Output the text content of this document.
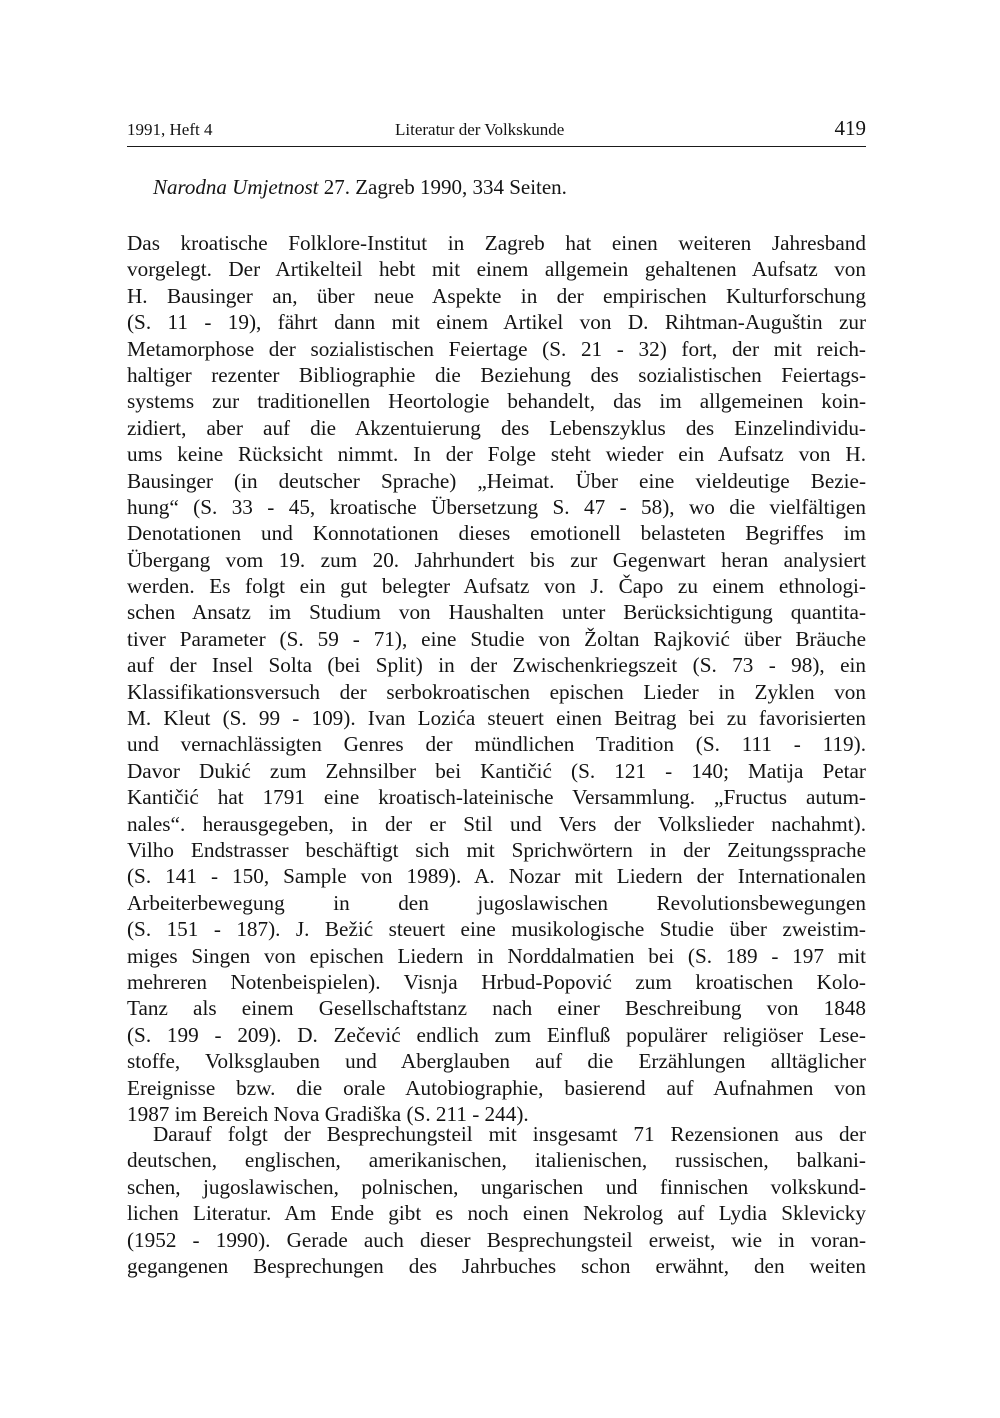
1991, Heft 4	Literatur der Volkskunde	419
Narodna Umjetnost 27. Zagreb 1990, 334 Seiten.
Das kroatische Folklore-Institut in Zagreb hat einen weiteren Jahresband
vorgelegt. Der Artikelteil hebt mit einem allgemein gehaltenen Aufsatz von
H. Bausinger an, über neue Aspekte in der empirischen Kulturforschung
(S. 11 - 19), fährt dann mit einem Artikel von D. Rihtman-Auguštin zur
Metamorphose der sozialistischen Feiertage (S. 21 - 32) fort, der mit reich-
haltiger rezenter Bibliographie die Beziehung des sozialistischen Feiertags-
systems zur traditionellen Heortologie behandelt, das im allgemeinen koin-
zidiert, aber auf die Akzentuierung des Lebenszyklus des Einzelindividu-
ums keine Rücksicht nimmt. In der Folge steht wieder ein Aufsatz von H.
Bausinger (in deutscher Sprache) „Heimat. Über eine vieldeutige Bezie-
hung“ (S. 33 - 45, kroatische Übersetzung S. 47 - 58), wo die vielfältigen
Denotationen und Konnotationen dieses emotionell belasteten Begriffes im
Übergang vom 19. zum 20. Jahrhundert bis zur Gegenwart heran analysiert
werden. Es folgt ein gut belegter Aufsatz von J. Čapo zu einem ethnologi-
schen Ansatz im Studium von Haushalten unter Berücksichtigung quantita-
tiver Parameter (S. 59 - 71), eine Studie von Žoltan Rajković über Bräuche
auf der Insel Solta (bei Split) in der Zwischenkriegszeit (S. 73 - 98), ein
Klassifikationsversuch der serbokroatischen epischen Lieder in Zyklen von
M. Kleut (S. 99 - 109). Ivan Lozića steuert einen Beitrag bei zu favorisierten
und vernachlässigten Genres der mündlichen Tradition (S. 111 - 119).
Davor Dukić zum Zehnsilber bei Kantičić (S. 121 - 140; Matija Petar
Kantičić hat 1791 eine kroatisch-lateinische Versammlung. „Fructus autum-
nales“. herausgegeben, in der er Stil und Vers der Volkslieder nachahmt).
Vilho Endstrasser beschäftigt sich mit Sprichwörtern in der Zeitungssprache
(S. 141 - 150, Sample von 1989). A. Nozar mit Liedern der Internationalen
Arbeiterbewegung in den jugoslawischen Revolutionsbewegungen
(S. 151 - 187). J. Bežić steuert eine musikologische Studie über zweistim-
miges Singen von epischen Liedern in Norddalmatien bei (S. 189 - 197 mit
mehreren Notenbeispielen). Visnja Hrbud-Popović zum kroatischen Kolo-
Tanz als einem Gesellschaftstanz nach einer Beschreibung von 1848
(S. 199 - 209). D. Zečević endlich zum Einfluß populärer religiöser Lese-
stoffe, Volksglauben und Aberglauben auf die Erzählungen alltäglicher
Ereignisse bzw. die orale Autobiographie, basierend auf Aufnahmen von
1987 im Bereich Nova Gradiška (S. 211 - 244).
Darauf folgt der Besprechungsteil mit insgesamt 71 Rezensionen aus der
deutschen, englischen, amerikanischen, italienischen, russischen, balkani-
schen, jugoslawischen, polnischen, ungarischen und finnischen volkskund-
lichen Literatur. Am Ende gibt es noch einen Nekrolog auf Lydia Sklevicky
(1952 - 1990). Gerade auch dieser Besprechungsteil erweist, wie in voran-
gegangenen Besprechungen des Jahrbuches schon erwähnt, den weiten
